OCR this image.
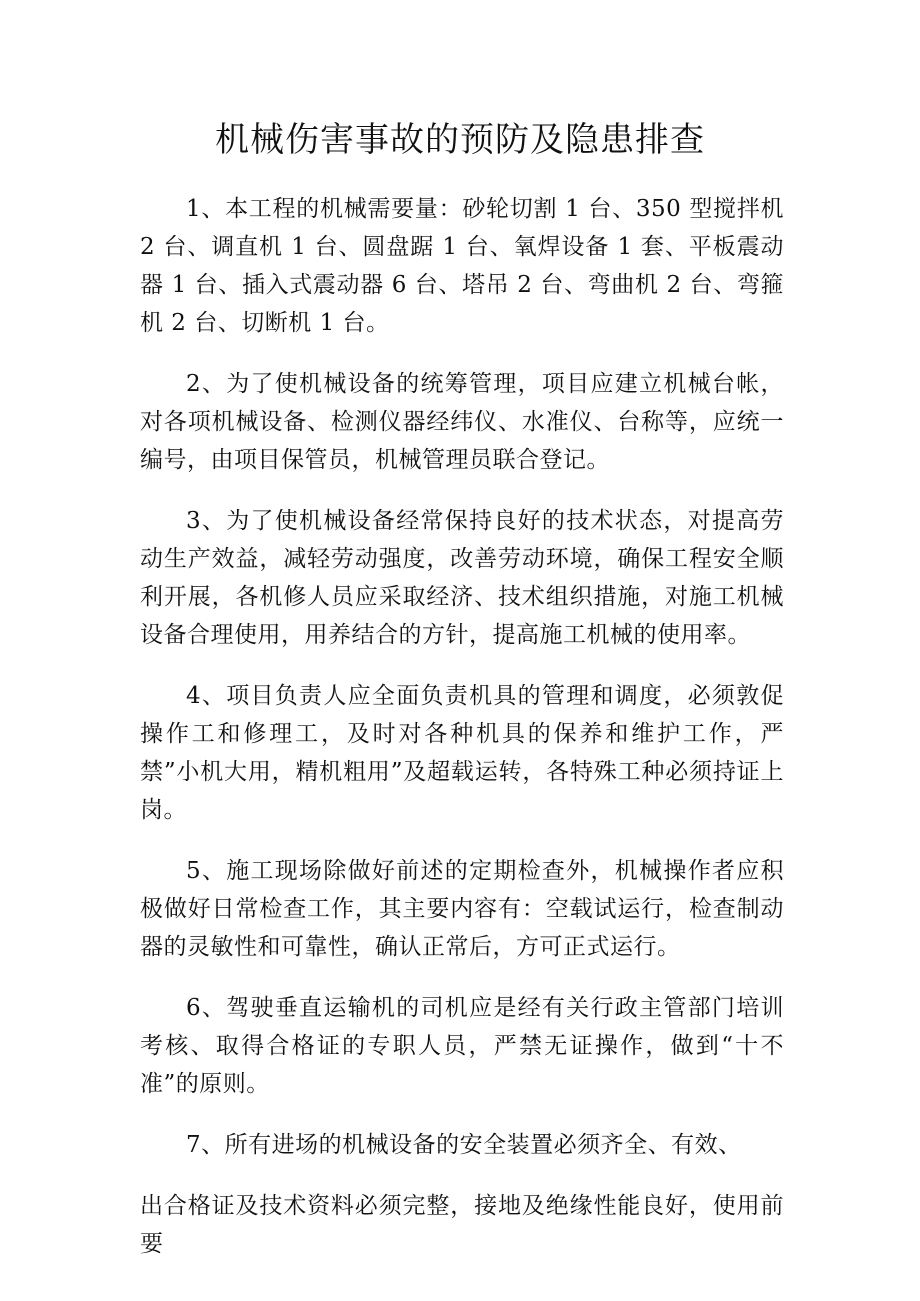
机械伤害事故的预防及隐患排查

1、本工程的机械需要量：砂轮切割 1 台、350 型搅拌机 2 台、调直机 1 台、圆盘踞 1 台、氧焊设备 1 套、平板震动器 1 台、插入式震动器 6 台、塔吊 2 台、弯曲机 2 台、弯箍机 2 台、切断机 1 台。

2、为了使机械设备的统筹管理，项目应建立机械台帐，对各项机械设备、检测仪器经纬仪、水准仪、台称等，应统一编号，由项目保管员，机械管理员联合登记。

3、为了使机械设备经常保持良好的技术状态，对提高劳动生产效益，减轻劳动强度，改善劳动环境，确保工程安全顺利开展，各机修人员应采取经济、技术组织措施，对施工机械设备合理使用，用养结合的方针，提高施工机械的使用率。

4、项目负责人应全面负责机具的管理和调度，必须敦促操作工和修理工，及时对各种机具的保养和维护工作，严禁”小机大用，精机粗用”及超载运转，各特殊工种必须持证上岗。

5、施工现场除做好前述的定期检查外，机械操作者应积极做好日常检查工作，其主要内容有：空载试运行，检查制动器的灵敏性和可靠性，确认正常后，方可正式运行。

6、驾驶垂直运输机的司机应是经有关行政主管部门培训考核、取得合格证的专职人员，严禁无证操作，做到“十不准”的原则。

7、所有进场的机械设备的安全装置必须齐全、有效、

出合格证及技术资料必须完整，接地及绝缘性能良好，使用前要
